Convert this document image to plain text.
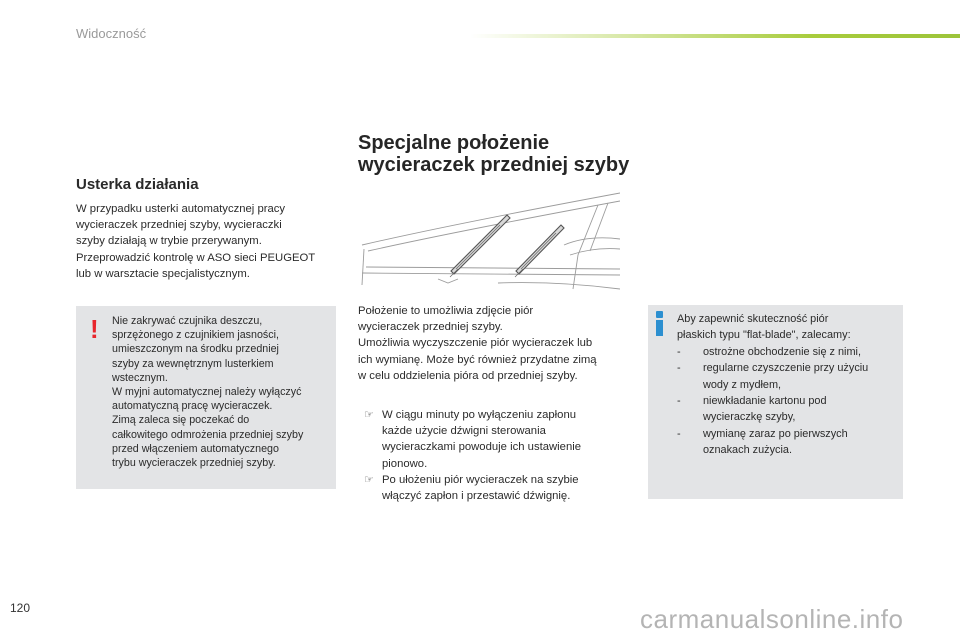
Widoczność
Usterka działania
W przypadku usterki automatycznej pracy
wycieraczek przedniej szyby, wycieraczki
szyby działają w trybie przerywanym.
Przeprowadzić kontrolę w ASO sieci PEUGEOT
lub w warsztacie specjalistycznym.
! Nie zakrywać czujnika deszczu,
sprzężonego z czujnikiem jasności,
umieszczonym na środku przedniej
szyby za wewnętrznym lusterkiem
wstecznym.
W myjni automatycznej należy wyłączyć
automatyczną pracę wycieraczek.
Zimą zaleca się poczekać do
całkowitego odmrożenia przedniej szyby
przed włączeniem automatycznego
trybu wycieraczek przedniej szyby.
Specjalne położenie
wycieraczek przedniej szyby
Położenie to umożliwia zdjęcie piór
wycieraczek przedniej szyby.
Umożliwia wyczyszczenie piór wycieraczek lub
ich wymianę. Może być również przydatne zimą
w celu oddzielenia pióra od przedniej szyby.
☞ W ciągu minuty po wyłączeniu zapłonu
każde użycie dźwigni sterowania
wycieraczkami powoduje ich ustawienie
pionowo.
☞ Po ułożeniu piór wycieraczek na szybie
włączyć zapłon i przestawić dźwignię.
Aby zapewnić skuteczność piór
płaskich typu "flat-blade", zalecamy:
- ostrożne obchodzenie się z nimi,
- regularne czyszczenie przy użyciu
wody z mydłem,
- niewkładanie kartonu pod
wycieraczkę szyby,
- wymianę zaraz po pierwszych
oznakach zużycia.
120	carmanualsonline.info
